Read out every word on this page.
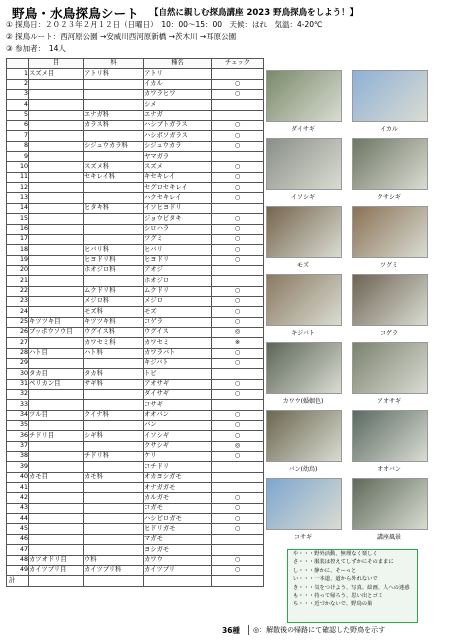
野鳥・水鳥探鳥シート 【自然に親しむ探鳥講座 2023 野鳥探鳥をしよう！】
① 探鳥日：２０２３年２月１２日（日曜日）　10：00～15：00　天候：はれ　気温：4-20℃
② 探鳥ルート：西河原公園 →安威川西河原新橋 →茨木川 →耳原公園
③ 参加者：　14人
	目	科	種名	チェック
1	スズメ目	アトリ科	アトリ	
2			イカル	○
3			カワラヒワ	○
4			シメ	
5		エナガ科	エナガ	
6		カラス科	ハシブトガラス	○
7			ハシボソガラス	○
8		シジュウカラ科	シジュウカラ	○
9			ヤマガラ	
10		スズメ科	スズメ	○
11		セキレイ科	キセキレイ	○
12			セグロセキレイ	○
13			ハクセキレイ	○
14		ヒタキ科	イソヒヨドリ	
15			ジョウビタキ	○
16			シロハラ	○
17			ツグミ	○
18		ヒバリ科	ヒバリ	○
19		ヒヨドリ科	ヒヨドリ	○
20		ホオジロ科	アオジ	
21			ホオジロ	
22		ムクドリ科	ムクドリ	○
23		メジロ科	メジロ	○
24		モズ科	モズ	○
25	キツツキ目	キツツキ科	コゲラ	○
26	ブッポウソウ目	ウグイス科	ウグイス	◎
27		カワセミ科	カワセミ	※
28	ハト目	ハト科	カワラバト	○
29			キジバト	○
30	タカ目	タカ科	トビ	
31	ペリカン目	サギ科	アオサギ	○
32			ダイサギ	○
33			コサギ	
34	ツル目	クイナ科	オオバン	○
35			バン	○
36	チドリ目	シギ科	イソシギ	○
37			クサシギ	◎
38		チドリ科	ケリ	○
39			コチドリ	
40	カモ目	カモ科	オカヨシガモ	
41			オナガガモ	
42			カルガモ	○
43			コガモ	○
44			ハシビロガモ	○
45			ヒドリガモ	○
46			マガモ	
47			ヨシガモ	
48	カツオドリ目	ウ科	カワウ	○
49	カイツブリ目	カイツブリ科	カイツブリ	○
計				
36種	◎：解散後の帰路にて確認した野鳥を示す
ダイサギ	イカル
イソシギ	クサシギ
モズ	ツグミ
キジバト	コゲラ
カワウ(婚姻色)	アオサギ
バン(幼鳥)	オオバン
コサギ	講座風景
や・・・野外活動、無理なく楽しく
さ・・・服装は控えてしずかにそのままに
し・・・静かに、そーっと
い・・・一本道、道から外れないで
き・・・気をつけよう、写真、絵画、人への迷惑
も・・・持って帰ろう、思い出とゴミ
ち・・・近づかないで、野鳥の巣
